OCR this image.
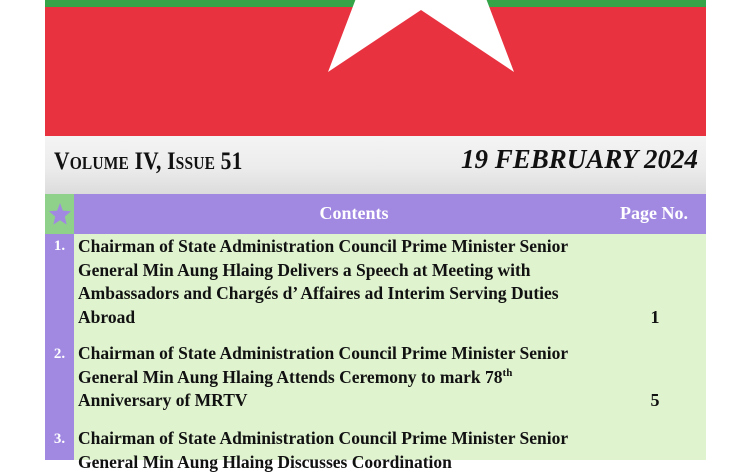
Volume IV, Issue 51	19 FEBRUARY 2024
Contents	Page No.
1. Chairman of State Administration Council Prime Minister Senior General Min Aung Hlaing Delivers a Speech at Meeting with Ambassadors and Chargés d’ Affaires ad Interim Serving Duties Abroad	1
2. Chairman of State Administration Council Prime Minister Senior General Min Aung Hlaing Attends Ceremony to mark 78th Anniversary of MRTV	5
3. Chairman of State Administration Council Prime Minister Senior General Min Aung Hlaing Discusses Coordination
